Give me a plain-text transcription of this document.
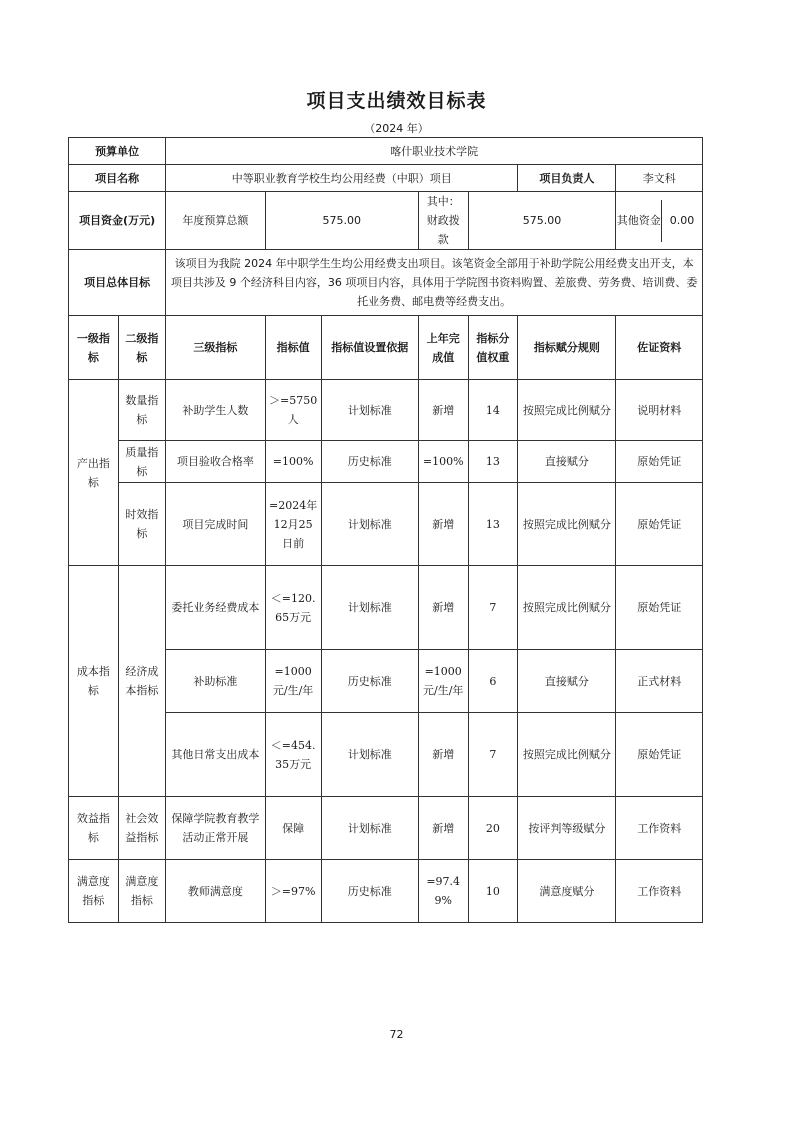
项目支出绩效目标表
（2024 年）
预算单位		喀什职业技术学院						
项目名称		中等职业教育学校生均公用经费（中职）项目					项目负责人	李文科
项目资金(万元)		年度预算总额	575.00		其中：财政拨款	575.00		其他资金 0.00

项目总体目标		该项目为我院 2024 年中职学生生均公用经费支出项目。该笔资金全部用于补助学院公用经费支出开支，本项目共涉及 9 个经济科目内容，36 项项目内容，具体用于学院图书资料购置、差旅费、劳务费、培训费、委托业务费、邮电费等经费支出。						
一级指标	二级指标	三级指标	指标值	指标值设置依据	上年完成值	指标分值权重	指标赋分规则	佐证资料
产出指标	数量指标	补助学生人数	＞=5750人	计划标准	新增	14	按照完成比例赋分	说明材料
	质量指标	项目验收合格率	=100%	历史标准	=100%	13	直接赋分	原始凭证
	时效指标	项目完成时间	=2024年12月25日前	计划标准	新增	13	按照完成比例赋分	原始凭证
成本指标	经济成本指标	委托业务经费成本	＜=120.65万元	计划标准	新增	7	按照完成比例赋分	原始凭证
		补助标准	=1000元/生/年	历史标准	=1000元/生/年	6	直接赋分	正式材料
		其他日常支出成本	＜=454.35万元	计划标准	新增	7	按照完成比例赋分	原始凭证
效益指标	社会效益指标	保障学院教育教学活动正常开展	保障	计划标准	新增	20	按评判等级赋分	工作资料
满意度指标	满意度指标	教师满意度	＞=97%	历史标准	=97.49%	10	满意度赋分	工作资料
72
